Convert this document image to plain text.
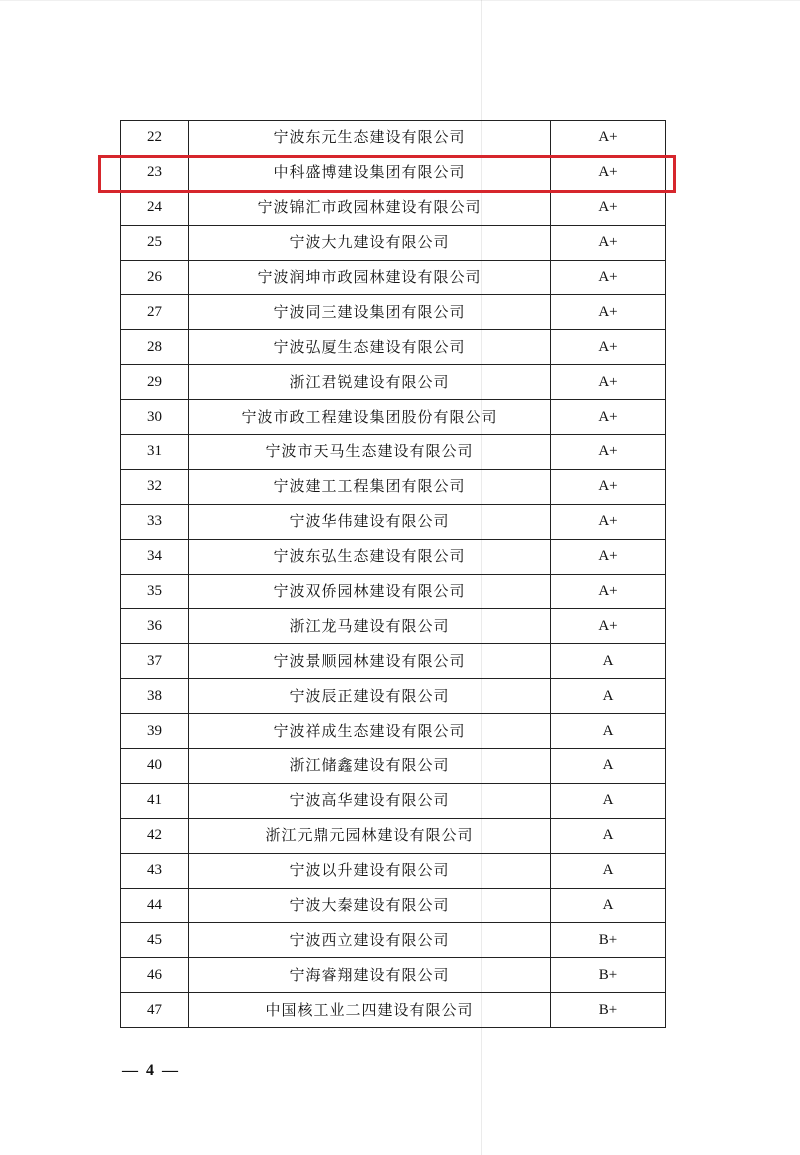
22	宁波东元生态建设有限公司	A+
23	中科盛博建设集团有限公司	A+
24	宁波锦汇市政园林建设有限公司	A+
25	宁波大九建设有限公司	A+
26	宁波润坤市政园林建设有限公司	A+
27	宁波同三建设集团有限公司	A+
28	宁波弘厦生态建设有限公司	A+
29	浙江君锐建设有限公司	A+
30	宁波市政工程建设集团股份有限公司	A+
31	宁波市天马生态建设有限公司	A+
32	宁波建工工程集团有限公司	A+
33	宁波华伟建设有限公司	A+
34	宁波东弘生态建设有限公司	A+
35	宁波双侨园林建设有限公司	A+
36	浙江龙马建设有限公司	A+
37	宁波景顺园林建设有限公司	A
38	宁波辰正建设有限公司	A
39	宁波祥成生态建设有限公司	A
40	浙江储鑫建设有限公司	A
41	宁波高华建设有限公司	A
42	浙江元鼎元园林建设有限公司	A
43	宁波以升建设有限公司	A
44	宁波大秦建设有限公司	A
45	宁波西立建设有限公司	B+
46	宁海睿翔建设有限公司	B+
47	中国核工业二四建设有限公司	B+
— 4 —
